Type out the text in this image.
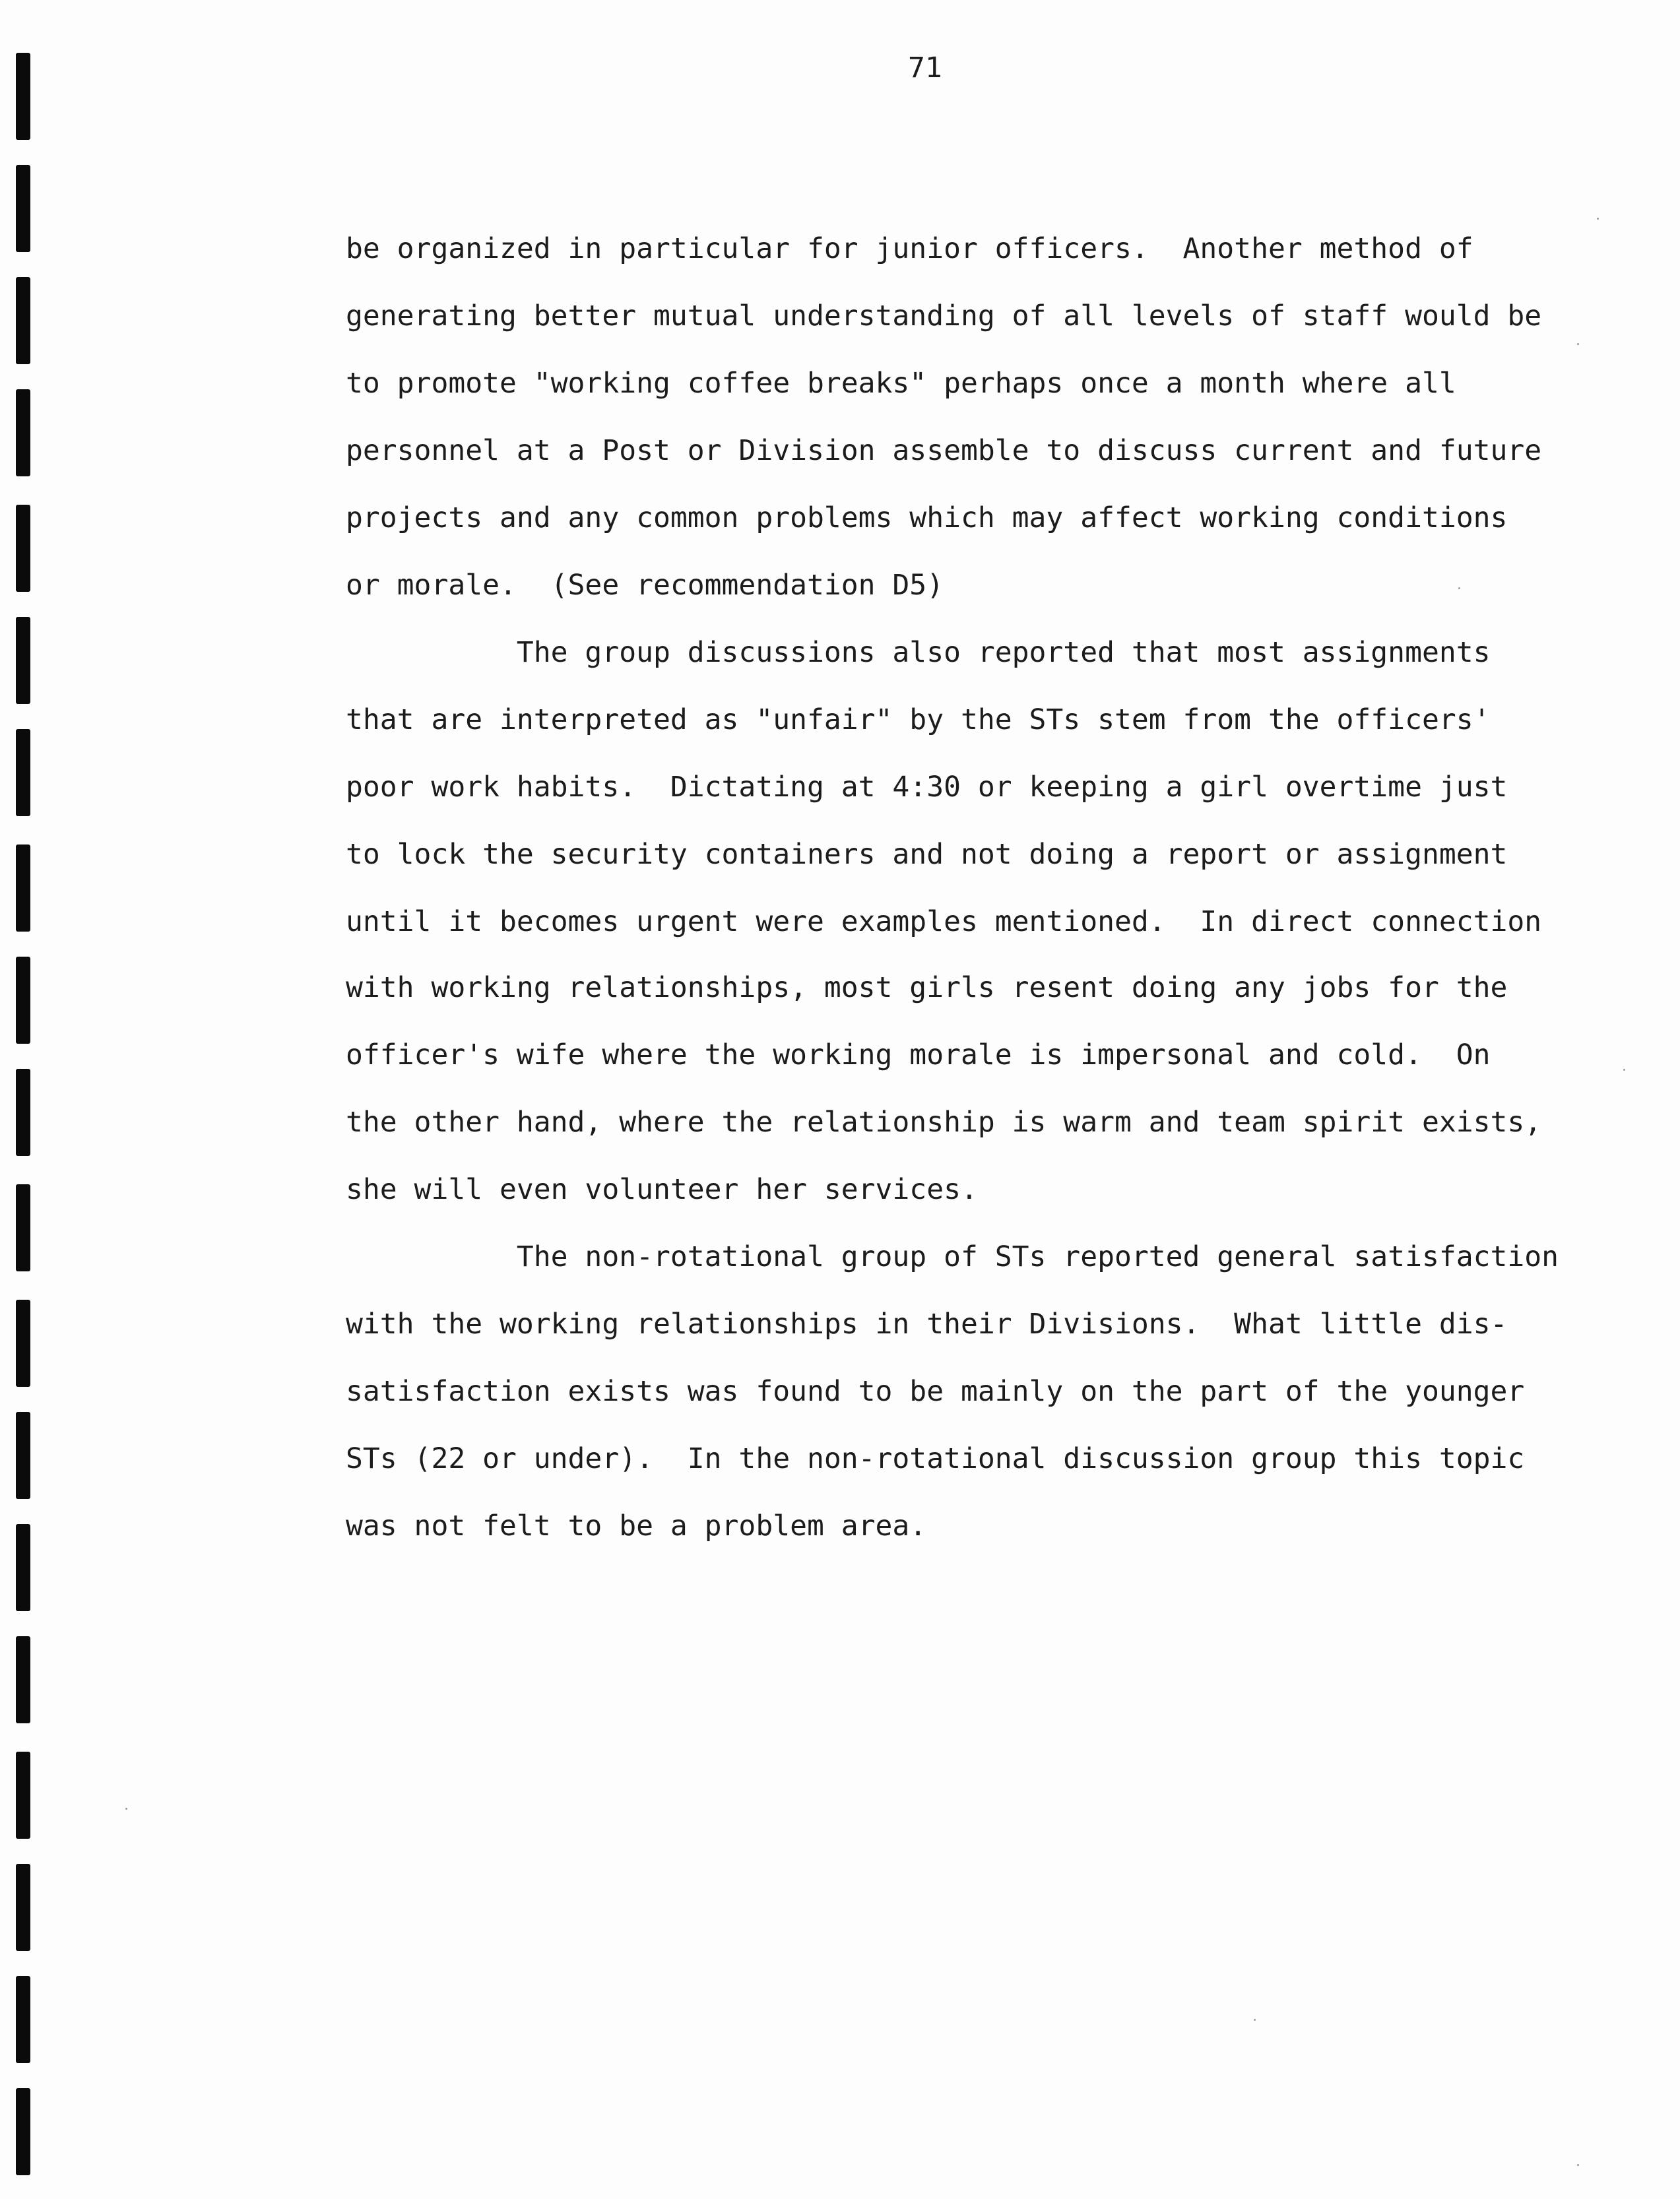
71

be organized in particular for junior officers.  Another method of

generating better mutual understanding of all levels of staff would be

to promote "working coffee breaks" perhaps once a month where all

personnel at a Post or Division assemble to discuss current and future

projects and any common problems which may affect working conditions

or morale.  (See recommendation D5)

The group discussions also reported that most assignments

that are interpreted as "unfair" by the STs stem from the officers'

poor work habits.  Dictating at 4:30 or keeping a girl overtime just

to lock the security containers and not doing a report or assignment

until it becomes urgent were examples mentioned.  In direct connection

with working relationships, most girls resent doing any jobs for the

officer's wife where the working morale is impersonal and cold.  On

the other hand, where the relationship is warm and team spirit exists,

she will even volunteer her services.

The non-rotational group of STs reported general satisfaction

with the working relationships in their Divisions.  What little dis-

satisfaction exists was found to be mainly on the part of the younger

STs (22 or under).  In the non-rotational discussion group this topic

was not felt to be a problem area.
